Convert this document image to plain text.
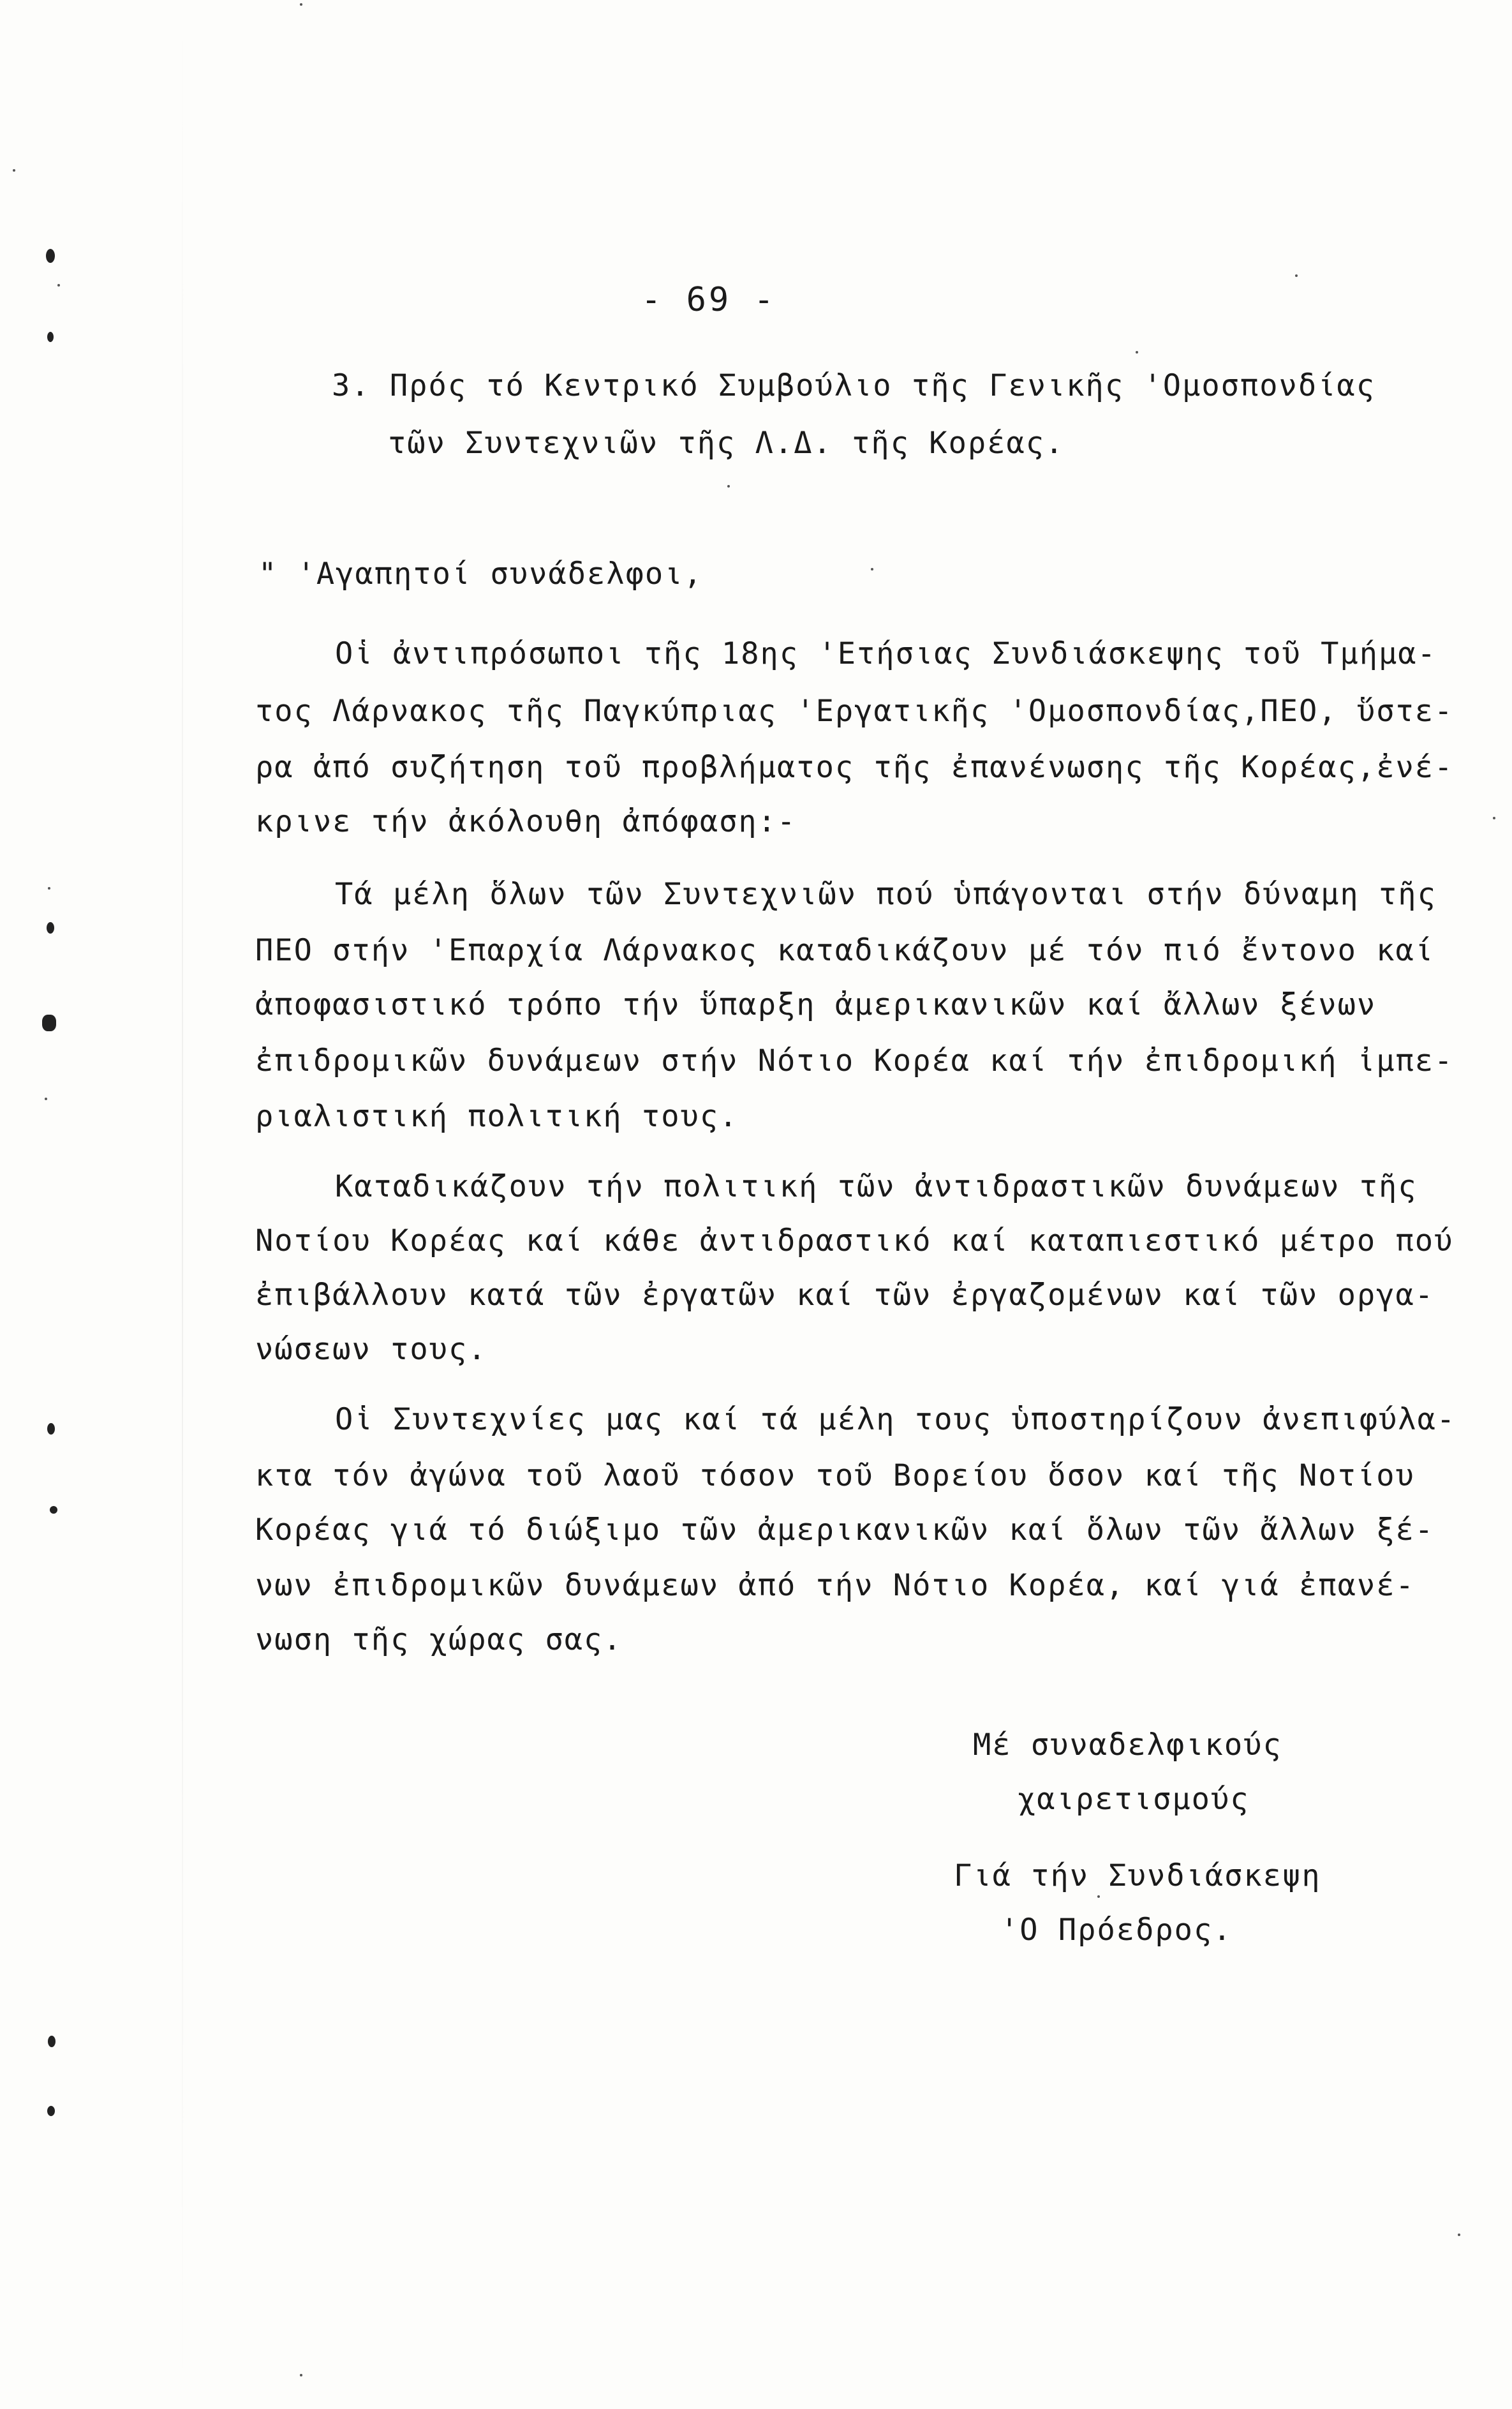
- 69 -
3. Πρός τό Κεντρικό Συμβούλιο τῆς Γενικῆς 'Ομοσπονδίας
τῶν Συντεχνιῶν τῆς Λ.Δ. τῆς Κορέας.
" 'Αγαπητοί συνάδελφοι,
Οἱ ἀντιπρόσωποι τῆς 18ης 'Ετήσιας Συνδιάσκεψης τοῦ Τμήμα-
τος Λάρνακος τῆς Παγκύπριας 'Εργατικῆς 'Ομοσπονδίας,ΠΕΟ, ὕστε-
ρα ἀπό συζήτηση τοῦ προβλήματος τῆς ἐπανένωσης τῆς Κορέας,ἐνέ-
κρινε τήν ἀκόλουθη ἀπόφαση:-
Τά μέλη ὅλων τῶν Συντεχνιῶν πού ὑπάγονται στήν δύναμη τῆς
ΠΕΟ στήν 'Επαρχία Λάρνακος καταδικάζουν μέ τόν πιό ἔντονο καί
ἀποφασιστικό τρόπο τήν ὕπαρξη ἀμερικανικῶν καί ἄλλων ξένων
ἐπιδρομικῶν δυνάμεων στήν Νότιο Κορέα καί τήν ἐπιδρομική ἰμπε-
ριαλιστική πολιτική τους.
Καταδικάζουν τήν πολιτική τῶν ἀντιδραστικῶν δυνάμεων τῆς
Νοτίου Κορέας καί κάθε ἀντιδραστικό καί καταπιεστικό μέτρο πού
ἐπιβάλλουν κατά τῶν ἐργατῶν καί τῶν ἐργαζομένων καί τῶν οργα-
νώσεων τους.
Οἱ Συντεχνίες μας καί τά μέλη τους ὑποστηρίζουν ἀνεπιφύλα-
κτα τόν ἀγώνα τοῦ λαοῦ τόσον τοῦ Βορείου ὅσον καί τῆς Νοτίου
Κορέας γιά τό διώξιμο τῶν ἀμερικανικῶν καί ὅλων τῶν ἄλλων ξέ-
νων ἐπιδρομικῶν δυνάμεων ἀπό τήν Νότιο Κορέα, καί γιά ἐπανέ-
νωση τῆς χώρας σας.
Μέ συναδελφικούς
χαιρετισμούς
Γιά τήν Συνδιάσκεψη
'Ο Πρόεδρος.
